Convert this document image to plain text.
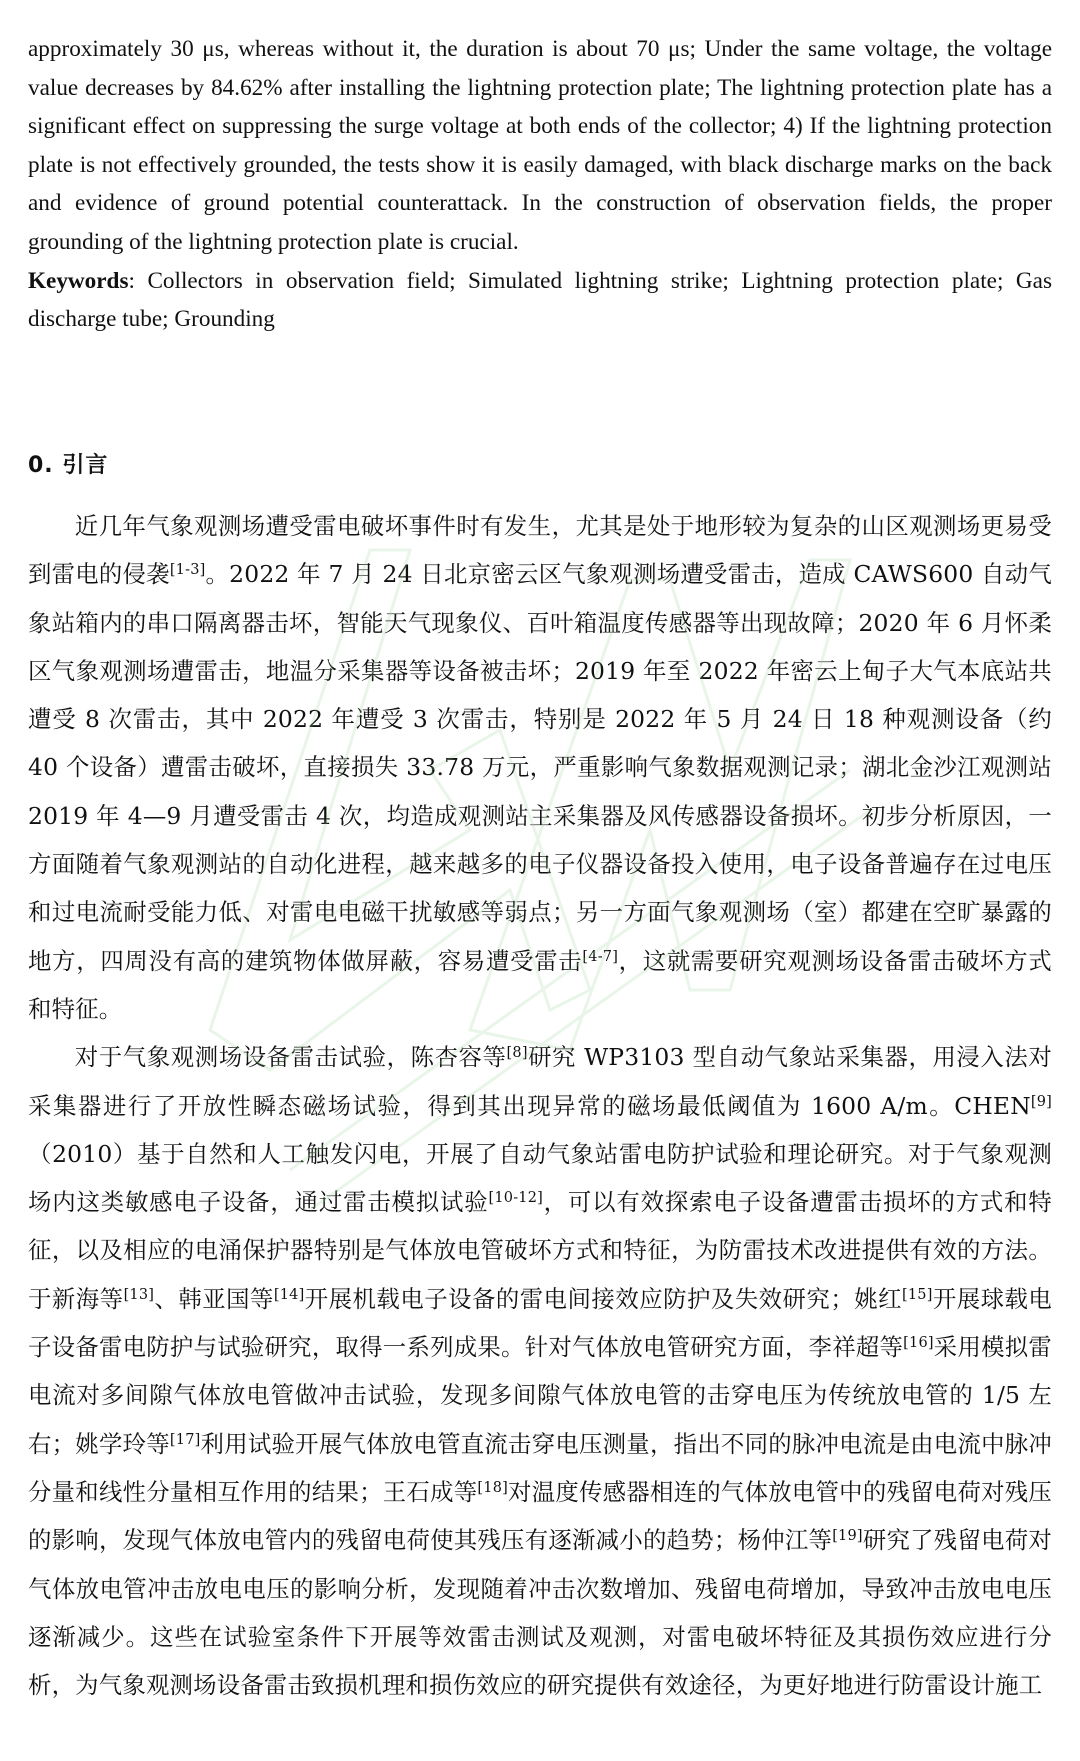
approximately 30 μs, whereas without it, the duration is about 70 μs; Under the same voltage, the voltage value decreases by 84.62% after installing the lightning protection plate; The lightning protection plate has a significant effect on suppressing the surge voltage at both ends of the collector; 4) If the lightning protection plate is not effectively grounded, the tests show it is easily damaged, with black discharge marks on the back and evidence of ground potential counterattack. In the construction of observation fields, the proper grounding of the lightning protection plate is crucial.

Keywords: Collectors in observation field; Simulated lightning strike; Lightning protection plate; Gas discharge tube; Grounding

0. 引言

近几年气象观测场遭受雷电破坏事件时有发生，尤其是处于地形较为复杂的山区观测场更易受到雷电的侵袭[1-3]。2022 年 7 月 24 日北京密云区气象观测场遭受雷击，造成 CAWS600 自动气象站箱内的串口隔离器击坏，智能天气现象仪、百叶箱温度传感器等出现故障；2020 年 6 月怀柔区气象观测场遭雷击，地温分采集器等设备被击坏；2019 年至 2022 年密云上甸子大气本底站共遭受 8 次雷击，其中 2022 年遭受 3 次雷击，特别是 2022 年 5 月 24 日 18 种观测设备（约 40 个设备）遭雷击破坏，直接损失 33.78 万元，严重影响气象数据观测记录；湖北金沙江观测站 2019 年 4—9 月遭受雷击 4 次，均造成观测站主采集器及风传感器设备损坏。初步分析原因，一方面随着气象观测站的自动化进程，越来越多的电子仪器设备投入使用，电子设备普遍存在过电压和过电流耐受能力低、对雷电电磁干扰敏感等弱点；另一方面气象观测场（室）都建在空旷暴露的地方，四周没有高的建筑物体做屏蔽，容易遭受雷击[4-7]，这就需要研究观测场设备雷击破坏方式和特征。

对于气象观测场设备雷击试验，陈杏容等[8]研究 WP3103 型自动气象站采集器，用浸入法对采集器进行了开放性瞬态磁场试验，得到其出现异常的磁场最低阈值为 1600 A/m。CHEN[9]（2010）基于自然和人工触发闪电，开展了自动气象站雷电防护试验和理论研究。对于气象观测场内这类敏感电子设备，通过雷击模拟试验[10-12]，可以有效探索电子设备遭雷击损坏的方式和特征，以及相应的电涌保护器特别是气体放电管破坏方式和特征，为防雷技术改进提供有效的方法。于新海等[13]、韩亚国等[14]开展机载电子设备的雷电间接效应防护及失效研究；姚红[15]开展球载电子设备雷电防护与试验研究，取得一系列成果。针对气体放电管研究方面，李祥超等[16]采用模拟雷电流对多间隙气体放电管做冲击试验，发现多间隙气体放电管的击穿电压为传统放电管的 1/5 左右；姚学玲等[17]利用试验开展气体放电管直流击穿电压测量，指出不同的脉冲电流是由电流中脉冲分量和线性分量相互作用的结果；王石成等[18]对温度传感器相连的气体放电管中的残留电荷对残压的影响，发现气体放电管内的残留电荷使其残压有逐渐减小的趋势；杨仲江等[19]研究了残留电荷对气体放电管冲击放电电压的影响分析，发现随着冲击次数增加、残留电荷增加，导致冲击放电电压逐渐减少。这些在试验室条件下开展等效雷击测试及观测，对雷电破坏特征及其损伤效应进行分析，为气象观测场设备雷击致损机理和损伤效应的研究提供有效途径，为更好地进行防雷设计施工
